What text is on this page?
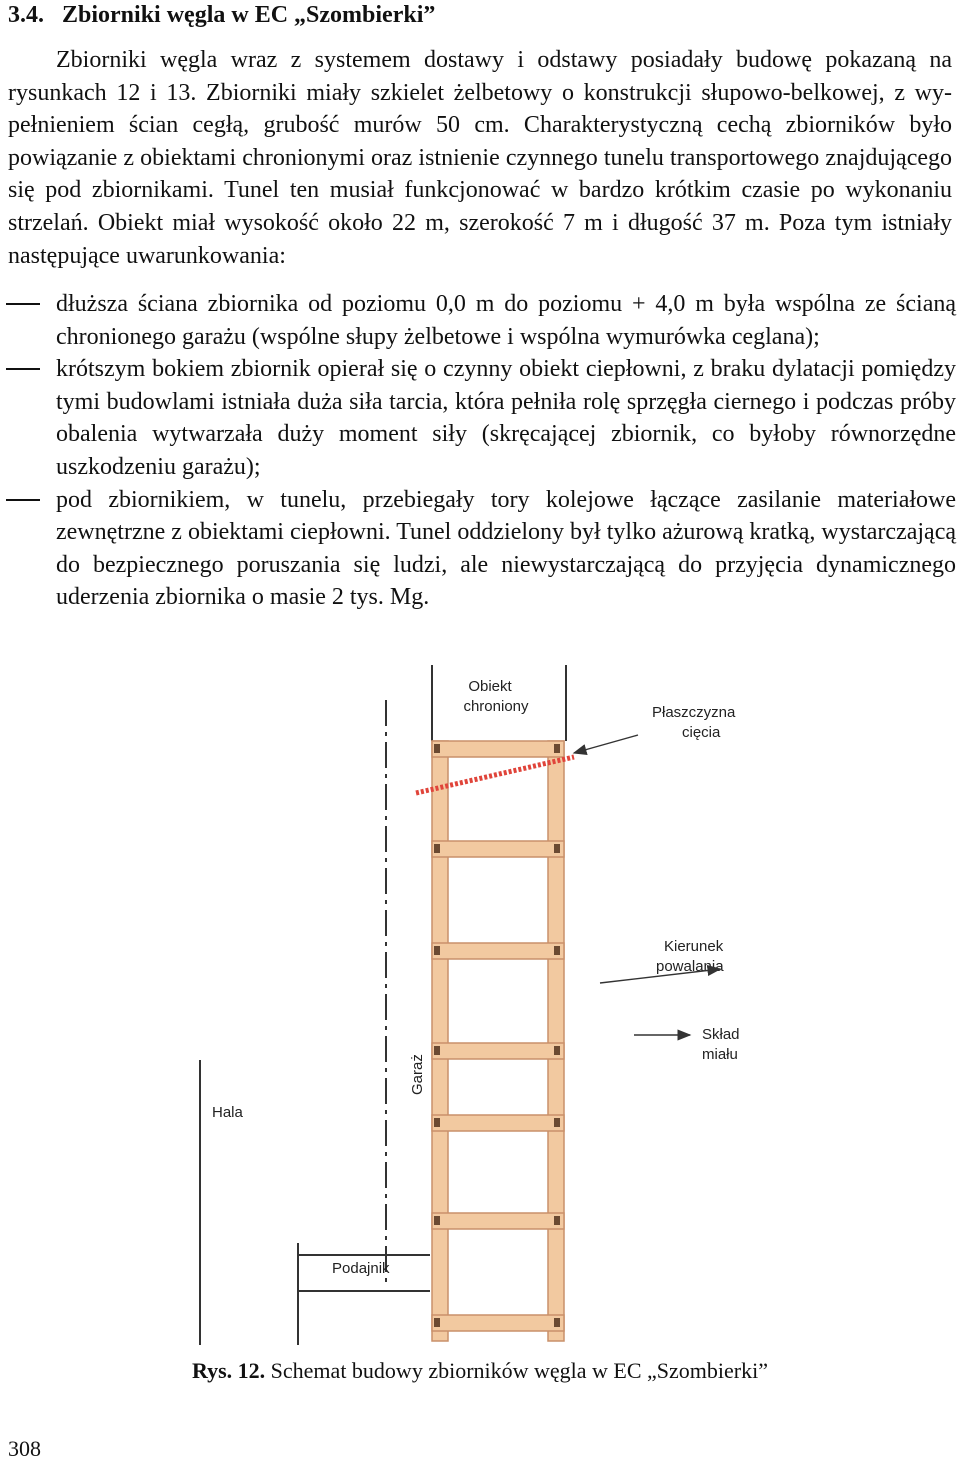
3.4. Zbiorniki węgla w EC „Szombierki”

Zbiorniki węgla wraz z systemem dostawy i odstawy posiadały budowę pokazaną na rysunkach 12 i 13. Zbiorniki miały szkielet żelbetowy o konstrukcji słupowo-belkowej, z wypełnieniem ścian cegłą, grubość murów 50 cm. Charakterystyczną cechą zbiorników było powiązanie z obiektami chronionymi oraz istnienie czynnego tunelu transportowego znajdującego się pod zbiornikami. Tunel ten musiał funkcjonować w bardzo krótkim czasie po wykonaniu strzelań. Obiekt miał wysokość około 22 m, szerokość 7 m i długość 37 m. Poza tym istniały następujące uwarunkowania:

dłuższa ściana zbiornika od poziomu 0,0 m do poziomu + 4,0 m była wspólna ze ścianą chronionego garażu (wspólne słupy żelbetowe i wspólna wymurówka ceglana);
krótszym bokiem zbiornik opierał się o czynny obiekt ciepłowni, z braku dylatacji pomiędzy tymi budowlami istniała duża siła tarcia, która pełniła rolę sprzęgła ciernego i podczas próby obalenia wytwarzała duży moment siły (skręcającej zbiornik, co byłoby równorzędne uszkodzeniu garażu);
pod zbiornikiem, w tunelu, przebiegały tory kolejowe łączące zasilanie materiałowe zewnętrzne z obiektami ciepłowni. Tunel oddzielony był tylko ażurową kratką, wystarczającą do bezpiecznego poruszania się ludzi, ale niewystarczającą do przyjęcia dynamicznego uderzenia zbiornika o masie 2 tys. Mg.
Obiekt
chroniony	Płaszczyzna
cięcia
Kierunek
powalania
Skład
miału
Garaż
Hala
Podajnik
Rys. 12. Schemat budowy zbiorników węgla w EC „Szombierki”
308
